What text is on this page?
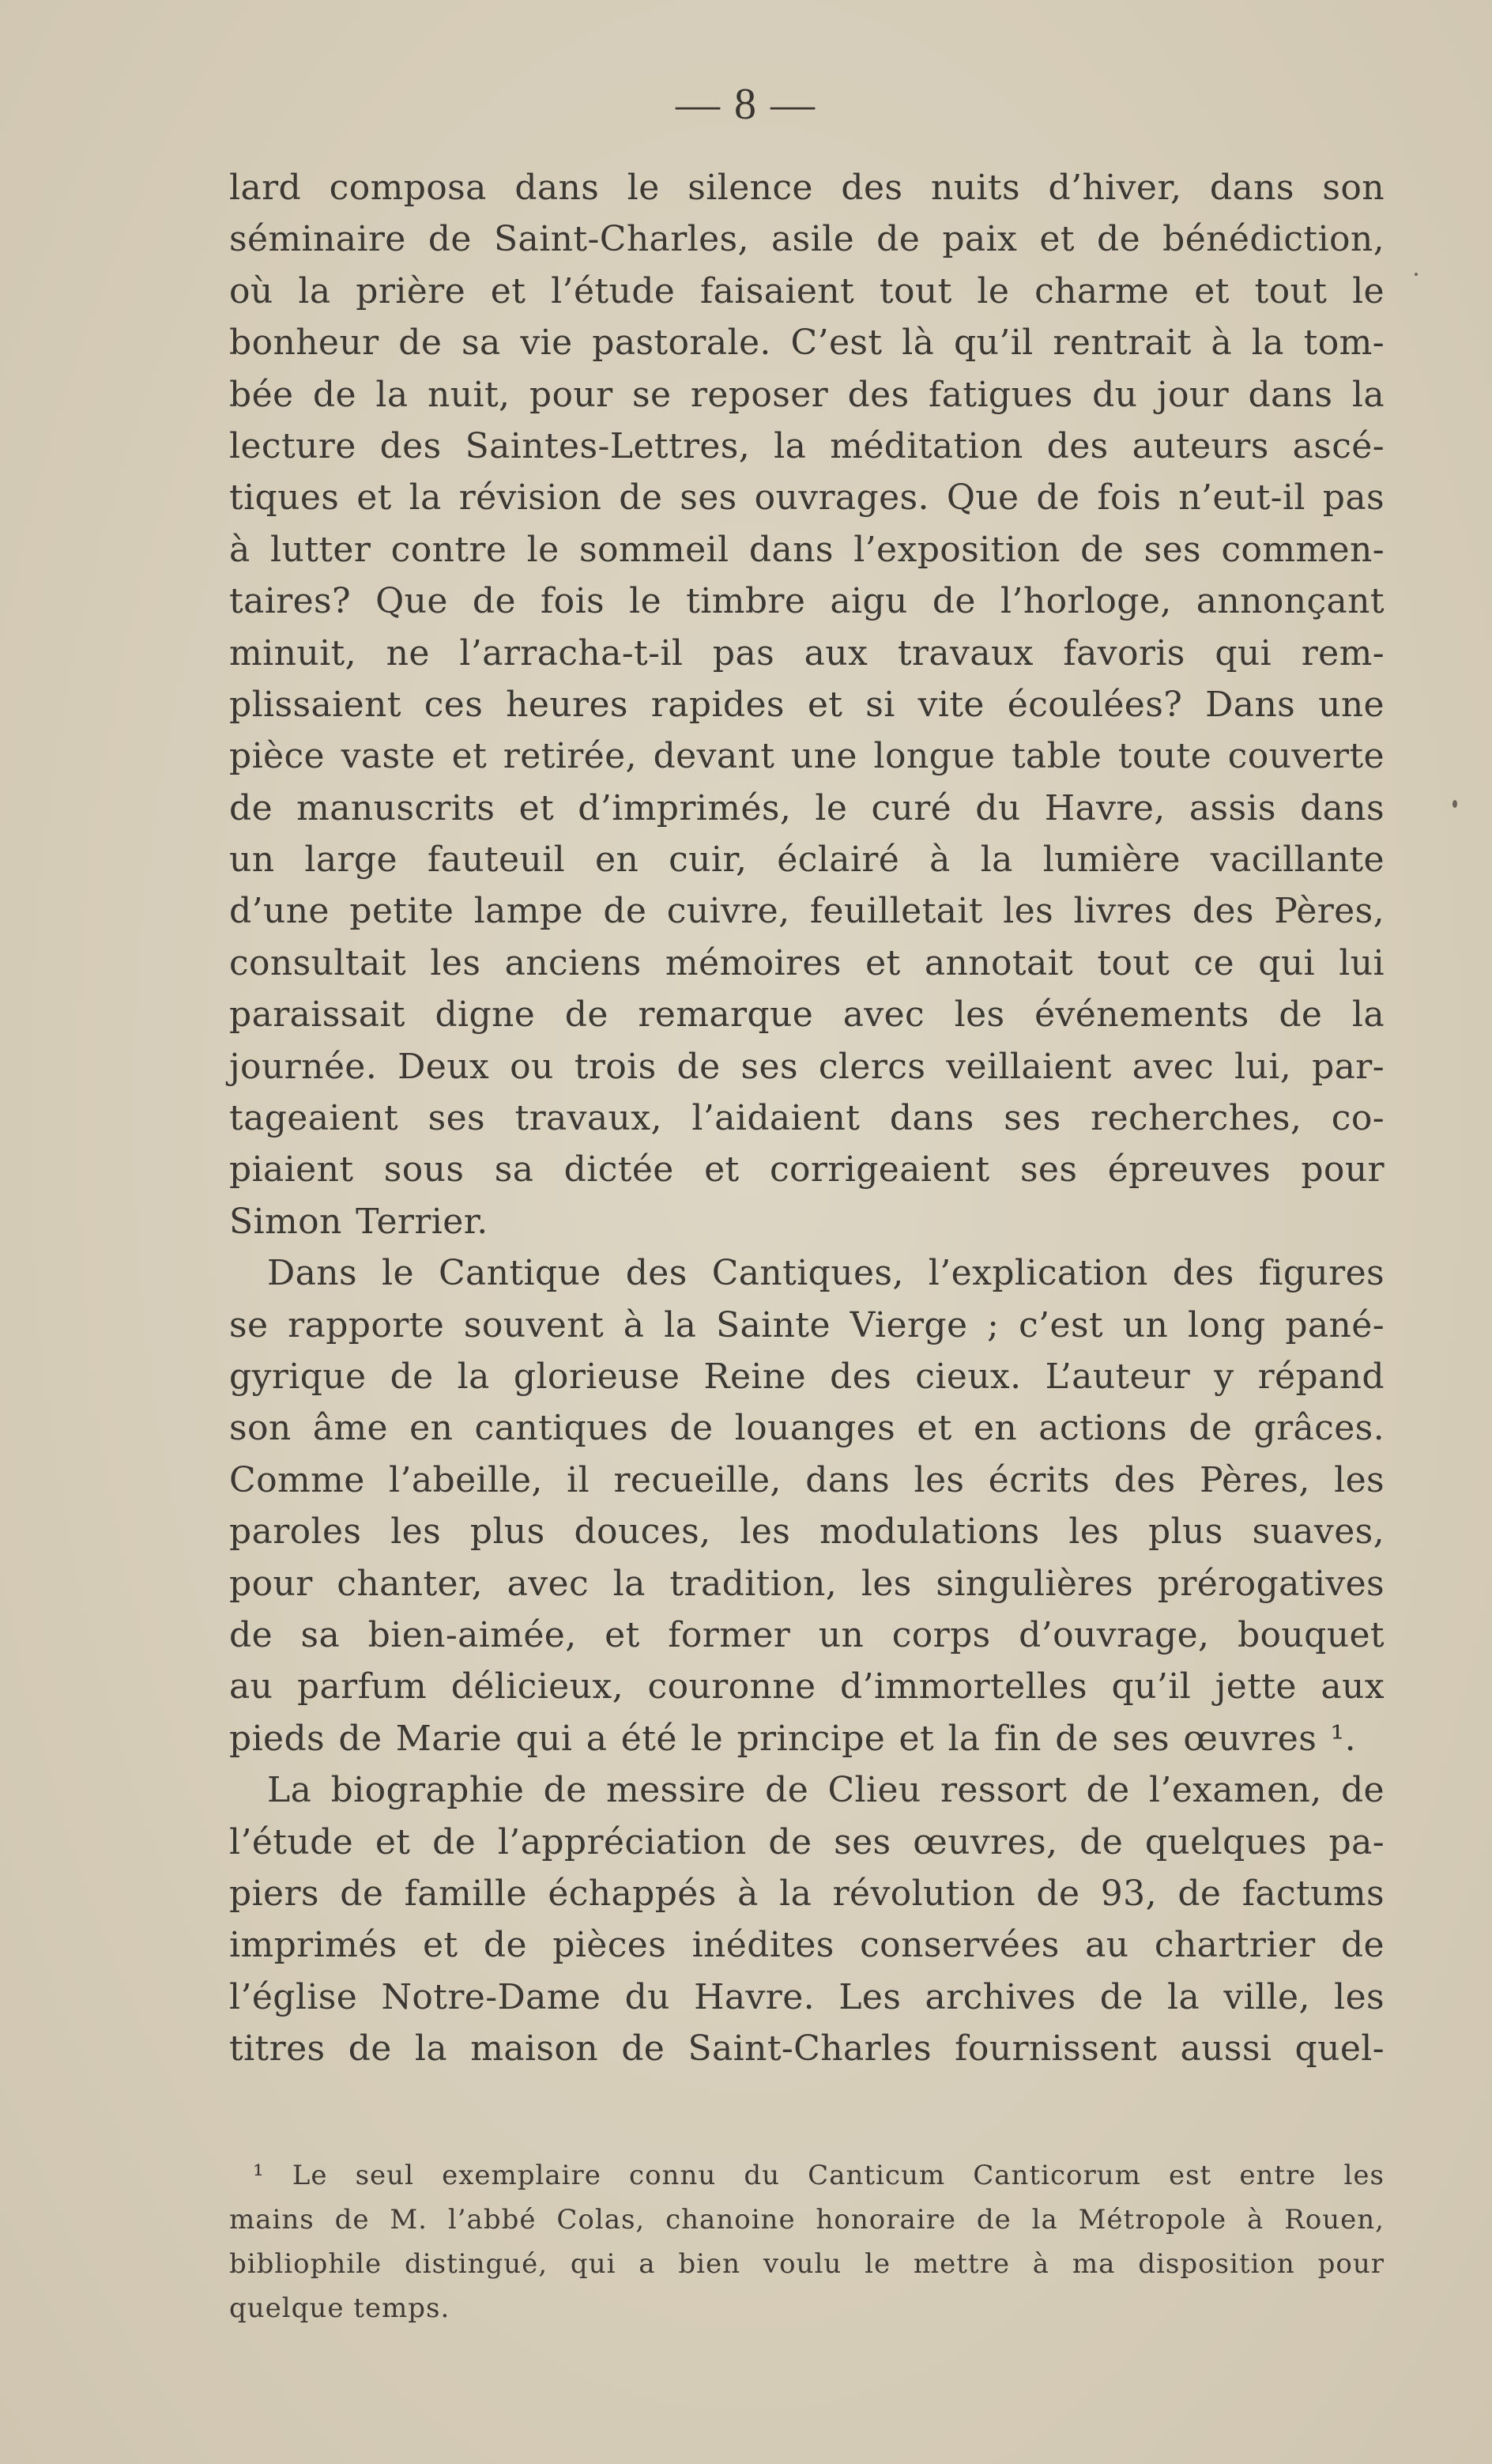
— 8 —
lard composa dans le silence des nuits d’hiver, dans son
séminaire de Saint-Charles, asile de paix et de bénédiction,
où la prière et l’étude faisaient tout le charme et tout le
bonheur de sa vie pastorale. C’est là qu’il rentrait à la tom-
bée de la nuit, pour se reposer des fatigues du jour dans la
lecture des Saintes-Lettres, la méditation des auteurs ascé-
tiques et la révision de ses ouvrages. Que de fois n’eut-il pas
à lutter contre le sommeil dans l’exposition de ses commen-
taires? Que de fois le timbre aigu de l’horloge, annonçant
minuit, ne l’arracha-t-il pas aux travaux favoris qui rem-
plissaient ces heures rapides et si vite écoulées? Dans une
pièce vaste et retirée, devant une longue table toute couverte
de manuscrits et d’imprimés, le curé du Havre, assis dans
un large fauteuil en cuir, éclairé à la lumière vacillante
d’une petite lampe de cuivre, feuilletait les livres des Pères,
consultait les anciens mémoires et annotait tout ce qui lui
paraissait digne de remarque avec les événements de la
journée. Deux ou trois de ses clercs veillaient avec lui, par-
tageaient ses travaux, l’aidaient dans ses recherches, co-
piaient sous sa dictée et corrigeaient ses épreuves pour
Simon Terrier.
Dans le Cantique des Cantiques, l’explication des figures
se rapporte souvent à la Sainte Vierge ; c’est un long pané-
gyrique de la glorieuse Reine des cieux. L’auteur y répand
son âme en cantiques de louanges et en actions de grâces.
Comme l’abeille, il recueille, dans les écrits des Pères, les
paroles les plus douces, les modulations les plus suaves,
pour chanter, avec la tradition, les singulières prérogatives
de sa bien-aimée, et former un corps d’ouvrage, bouquet
au parfum délicieux, couronne d’immortelles qu’il jette aux
pieds de Marie qui a été le principe et la fin de ses œuvres ¹.
La biographie de messire de Clieu ressort de l’examen, de
l’étude et de l’appréciation de ses œuvres, de quelques pa-
piers de famille échappés à la révolution de 93, de factums
imprimés et de pièces inédites conservées au chartrier de
l’église Notre-Dame du Havre. Les archives de la ville, les
titres de la maison de Saint-Charles fournissent aussi quel-
¹ Le seul exemplaire connu du Canticum Canticorum est entre les
mains de M. l’abbé Colas, chanoine honoraire de la Métropole à Rouen,
bibliophile distingué, qui a bien voulu le mettre à ma disposition pour
quelque temps.
